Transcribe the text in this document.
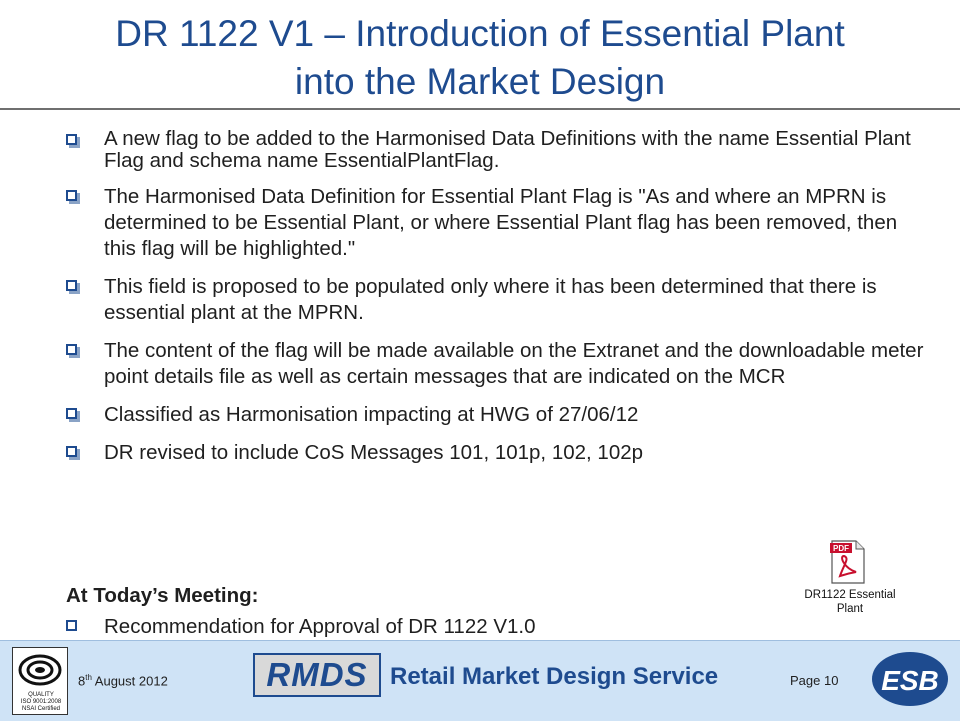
DR 1122 V1 – Introduction of Essential Plant
into the Market Design
A new flag to be added to the Harmonised Data Definitions with the name Essential Plant Flag and schema name EssentialPlantFlag.
The Harmonised Data Definition for Essential Plant Flag is "As and where an MPRN is determined to be Essential Plant, or where Essential Plant flag has been removed, then this flag will be highlighted."
This field is proposed to be populated only where it has been determined that there is essential plant at the MPRN.
The content of the flag will be made available on the Extranet and the downloadable meter point details file as well as certain messages that are indicated on the MCR
Classified as Harmonisation impacting at HWG of 27/06/12
DR revised to include CoS Messages 101, 101p, 102, 102p
At Today’s Meeting:
Recommendation for Approval of DR 1122 V1.0
PDF
DR1122 Essential
Plant
QUALITY
ISO 9001:2008
NSAI Certified
8th August 2012	RMDS Retail Market Design Service	Page 10 ESB
